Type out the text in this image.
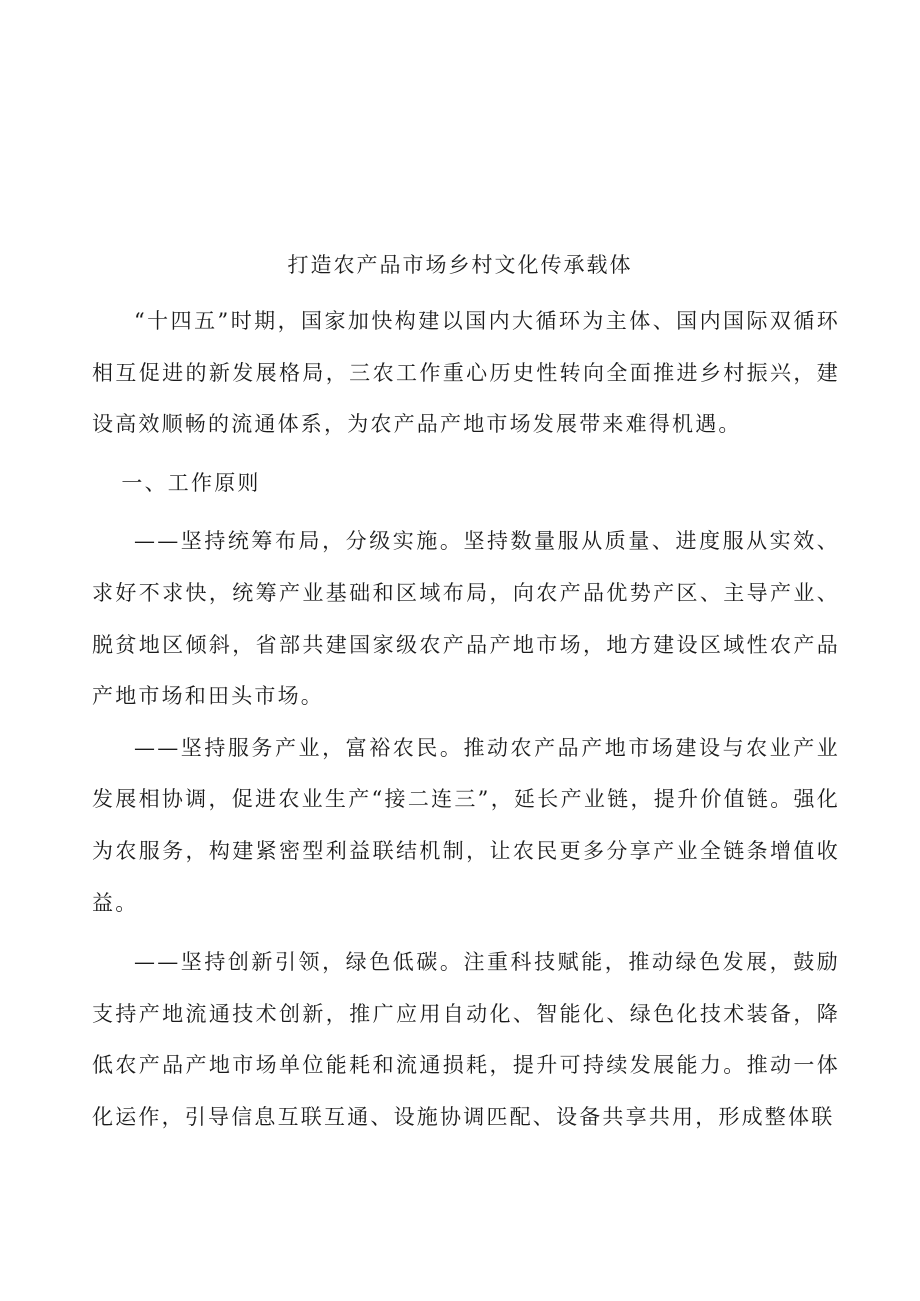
打造农产品市场乡村文化传承载体

“十四五”时期，国家加快构建以国内大循环为主体、国内国际双循环相互促进的新发展格局，三农工作重心历史性转向全面推进乡村振兴，建设高效顺畅的流通体系，为农产品产地市场发展带来难得机遇。

一、工作原则

——坚持统筹布局，分级实施。坚持数量服从质量、进度服从实效、求好不求快，统筹产业基础和区域布局，向农产品优势产区、主导产业、脱贫地区倾斜，省部共建国家级农产品产地市场，地方建设区域性农产品产地市场和田头市场。

——坚持服务产业，富裕农民。推动农产品产地市场建设与农业产业发展相协调，促进农业生产“接二连三”，延长产业链，提升价值链。强化为农服务，构建紧密型利益联结机制，让农民更多分享产业全链条增值收益。

——坚持创新引领，绿色低碳。注重科技赋能，推动绿色发展，鼓励支持产地流通技术创新，推广应用自动化、智能化、绿色化技术装备，降低农产品产地市场单位能耗和流通损耗，提升可持续发展能力。推动一体化运作，引导信息互联互通、设施协调匹配、设备共享共用，形成整体联
